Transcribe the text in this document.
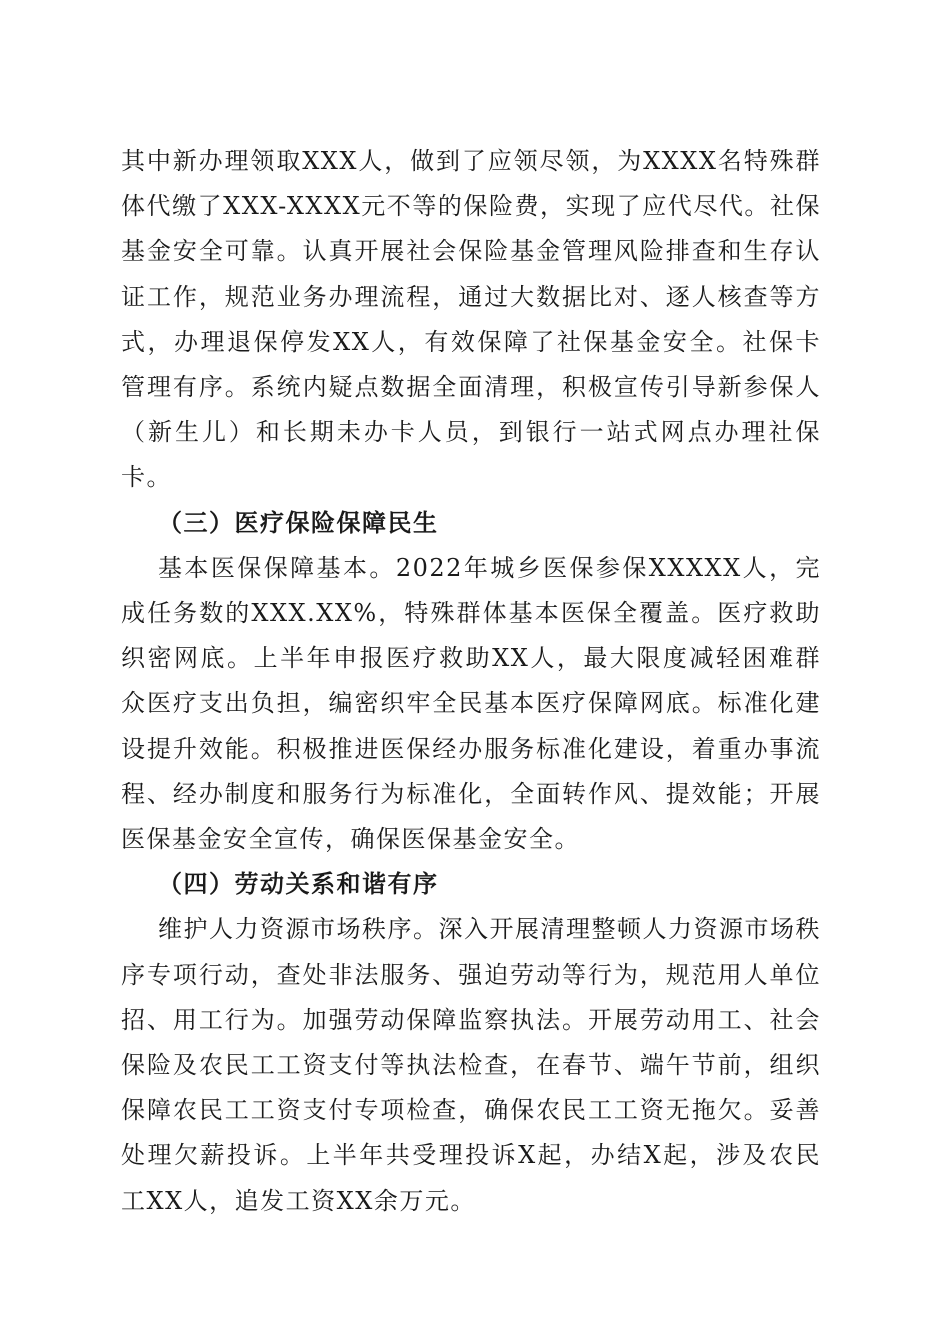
其中新办理领取XXX人，做到了应领尽领，为XXXX名特殊群体代缴了XXX-XXXX元不等的保险费，实现了应代尽代。社保基金安全可靠。认真开展社会保险基金管理风险排查和生存认证工作，规范业务办理流程，通过大数据比对、逐人核查等方式，办理退保停发XX人，有效保障了社保基金安全。社保卡管理有序。系统内疑点数据全面清理，积极宣传引导新参保人（新生儿）和长期未办卡人员，到银行一站式网点办理社保卡。

（三）医疗保险保障民生

基本医保保障基本。2022年城乡医保参保XXXXX人，完成任务数的XXX.XX%，特殊群体基本医保全覆盖。医疗救助织密网底。上半年申报医疗救助XX人，最大限度减轻困难群众医疗支出负担，编密织牢全民基本医疗保障网底。标准化建设提升效能。积极推进医保经办服务标准化建设，着重办事流程、经办制度和服务行为标准化，全面转作风、提效能；开展医保基金安全宣传，确保医保基金安全。

（四）劳动关系和谐有序

维护人力资源市场秩序。深入开展清理整顿人力资源市场秩序专项行动，查处非法服务、强迫劳动等行为，规范用人单位招、用工行为。加强劳动保障监察执法。开展劳动用工、社会保险及农民工工资支付等执法检查，在春节、端午节前，组织保障农民工工资支付专项检查，确保农民工工资无拖欠。妥善处理欠薪投诉。上半年共受理投诉X起，办结X起，涉及农民工XX人，追发工资XX余万元。
